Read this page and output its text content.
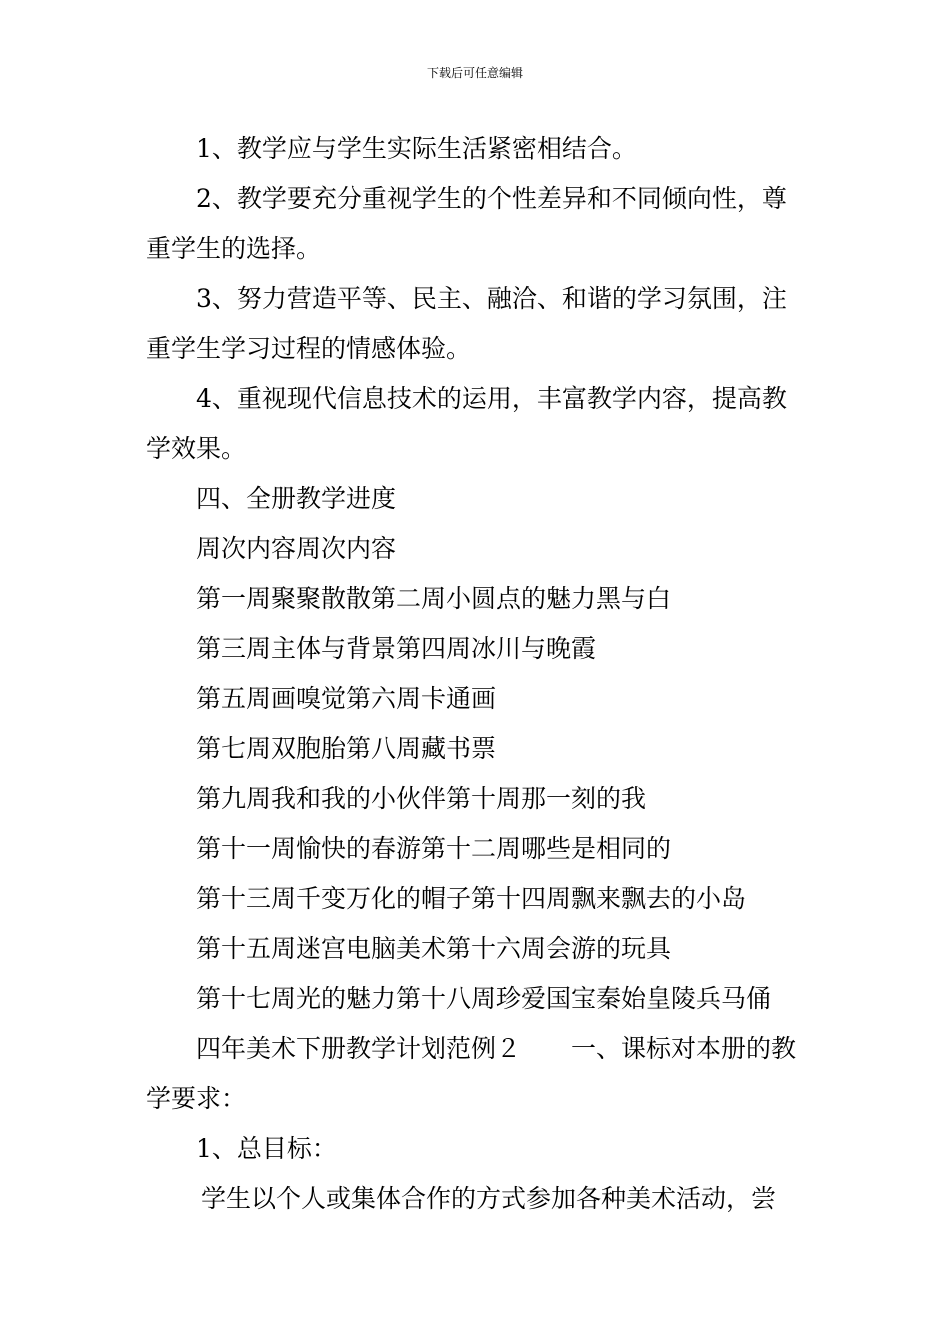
下载后可任意编辑

1、教学应与学生实际生活紧密相结合。

2、教学要充分重视学生的个性差异和不同倾向性，尊

重学生的选择。

3、努力营造平等、民主、融洽、和谐的学习氛围，注

重学生学习过程的情感体验。

4、重视现代信息技术的运用，丰富教学内容，提高教

学效果。

四、全册教学进度

周次内容周次内容

第一周聚聚散散第二周小圆点的魅力黑与白

第三周主体与背景第四周冰川与晚霞

第五周画嗅觉第六周卡通画

第七周双胞胎第八周藏书票

第九周我和我的小伙伴第十周那一刻的我

第十一周愉快的春游第十二周哪些是相同的

第十三周千变万化的帽子第十四周飘来飘去的小岛

第十五周迷宫电脑美术第十六周会游的玩具

第十七周光的魅力第十八周珍爱国宝秦始皇陵兵马俑

四年美术下册教学计划范例２ 一、课标对本册的教

学要求：

1、总目标：

学生以个人或集体合作的方式参加各种美术活动，尝
